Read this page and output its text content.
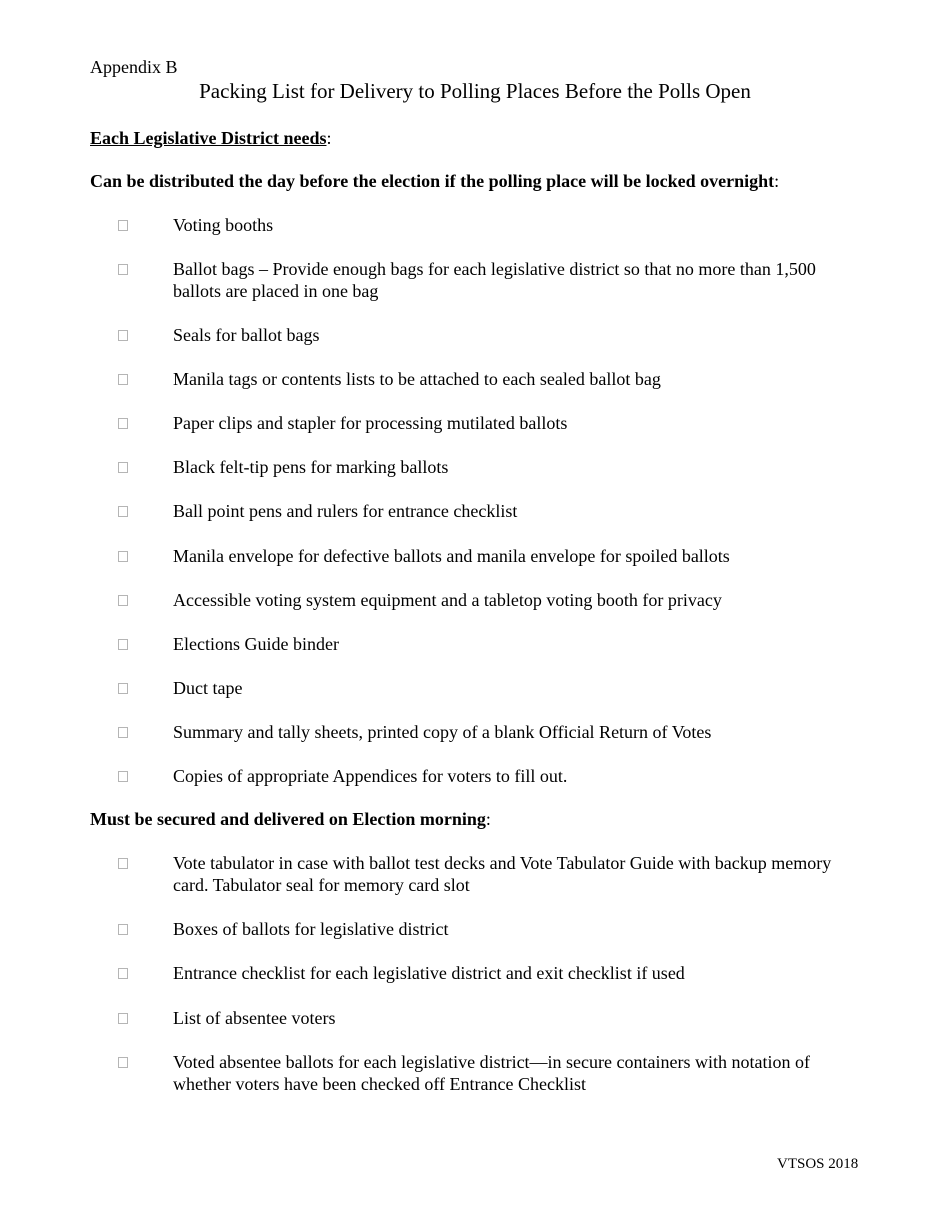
Appendix B
Packing List for Delivery to Polling Places Before the Polls Open
Each Legislative District needs:
Can be distributed the day before the election if the polling place will be locked overnight:
Voting booths
Ballot bags – Provide enough bags for each legislative district so that no more than 1,500 ballots are placed in one bag
Seals for ballot bags
Manila tags or contents lists to be attached to each sealed ballot bag
Paper clips and stapler for processing mutilated ballots
Black felt-tip pens for marking ballots
Ball point pens and rulers for entrance checklist
Manila envelope for defective ballots and manila envelope for spoiled ballots
Accessible voting system equipment and a tabletop voting booth for privacy
Elections Guide binder
Duct tape
Summary and tally sheets, printed copy of a blank Official Return of Votes
Copies of appropriate Appendices for voters to fill out.
Must be secured and delivered on Election morning:
Vote tabulator in case with ballot test decks and Vote Tabulator Guide with backup memory card. Tabulator seal for memory card slot
Boxes of ballots for legislative district
Entrance checklist for each legislative district and exit checklist if used
List of absentee voters
Voted absentee ballots for each legislative district—in secure containers with notation of whether voters have been checked off Entrance Checklist
VTSOS 2018
